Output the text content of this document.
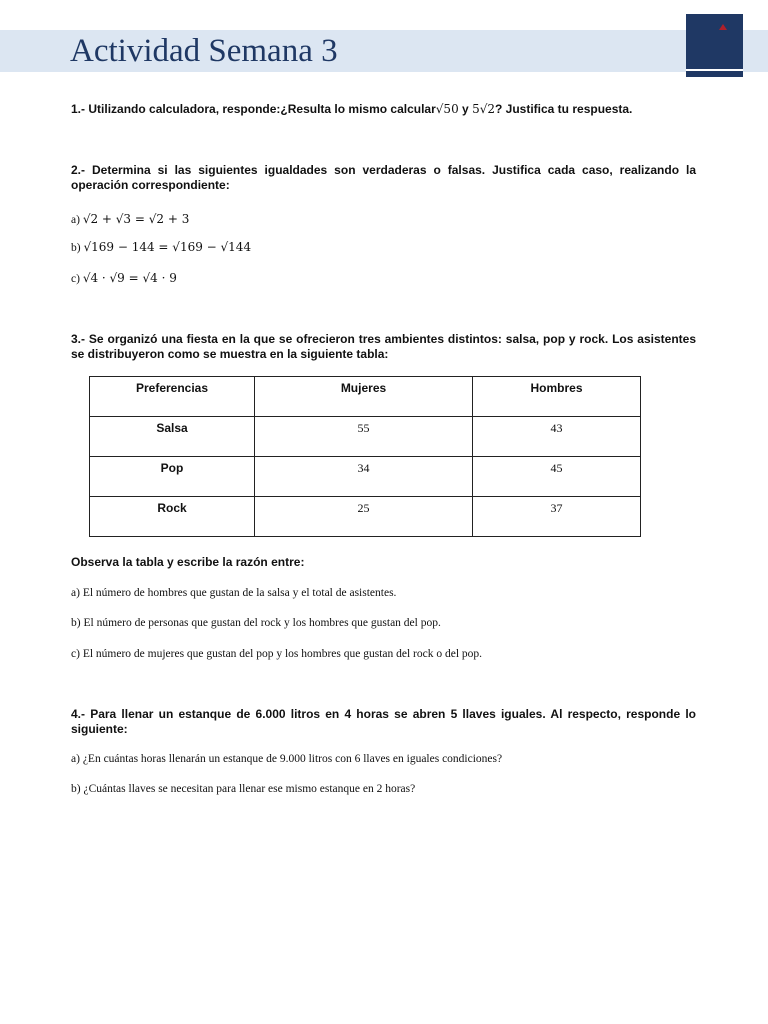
Actividad Semana 3
1.- Utilizando calculadora, responde:¿Resulta lo mismo calcular√50 y 5√2? Justifica tu respuesta.
2.- Determina si las siguientes igualdades son verdaderas o falsas. Justifica cada caso, realizando la operación correspondiente:
a) √2 + √3 = √2 + 3
b) √169 − 144 = √169 − √144
c) √4 · √9 = √4 · 9
3.- Se organizó una fiesta en la que se ofrecieron tres ambientes distintos: salsa, pop y rock. Los asistentes se distribuyeron como se muestra en la siguiente tabla:
Preferencias	Mujeres	Hombres
Salsa	55	43
Pop	34	45
Rock	25	37
Observa la tabla y escribe la razón entre:
a) El número de hombres que gustan de la salsa y el total de asistentes.
b) El número de personas que gustan del rock y los hombres que gustan del pop.
c) El número de mujeres que gustan del pop y los hombres que gustan del rock o del pop.
4.- Para llenar un estanque de 6.000 litros en 4 horas se abren 5 llaves iguales. Al respecto, responde lo siguiente:
a) ¿En cuántas horas llenarán un estanque de 9.000 litros con 6 llaves en iguales condiciones?
b) ¿Cuántas llaves se necesitan para llenar ese mismo estanque en 2 horas?
